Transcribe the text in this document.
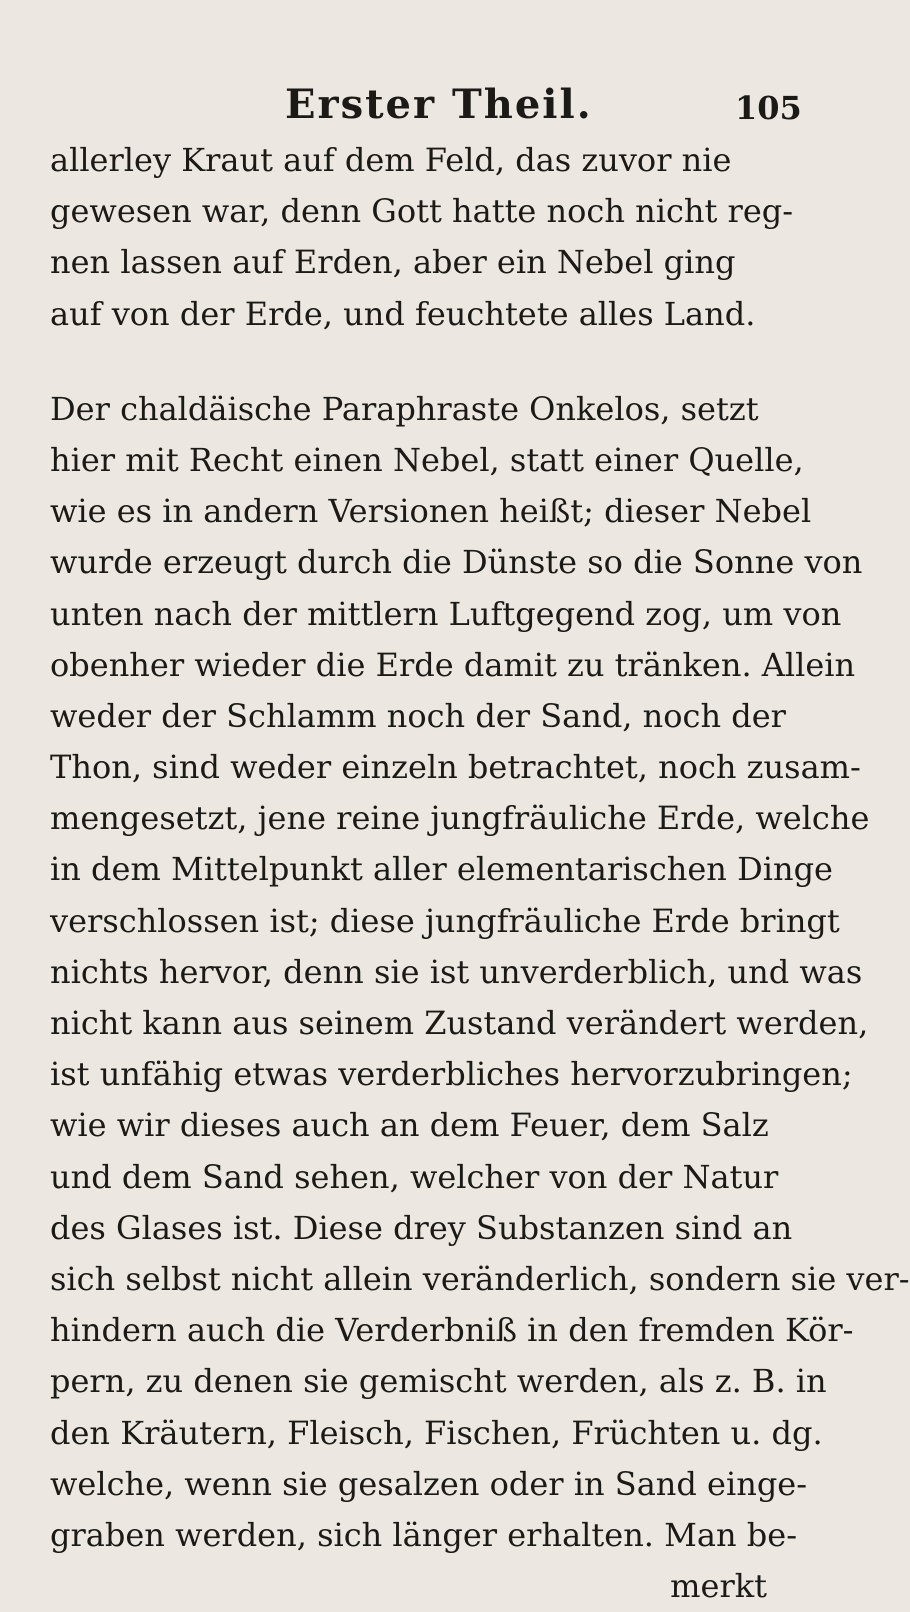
Erster Theil.	105
allerley Kraut auf dem Feld, das zuvor nie
gewesen war, denn Gott hatte noch nicht reg-
nen lassen auf Erden, aber ein Nebel ging
auf von der Erde, und feuchtete alles Land.
Der chaldäische Paraphraste Onkelos, setzt
hier mit Recht einen Nebel, statt einer Quelle,
wie es in andern Versionen heißt; dieser Nebel
wurde erzeugt durch die Dünste so die Sonne von
unten nach der mittlern Luftgegend zog, um von
obenher wieder die Erde damit zu tränken. Allein
weder der Schlamm noch der Sand, noch der
Thon, sind weder einzeln betrachtet, noch zusam-
mengesetzt, jene reine jungfräuliche Erde, welche
in dem Mittelpunkt aller elementarischen Dinge
verschlossen ist; diese jungfräuliche Erde bringt
nichts hervor, denn sie ist unverderblich, und was
nicht kann aus seinem Zustand verändert werden,
ist unfähig etwas verderbliches hervorzubringen;
wie wir dieses auch an dem Feuer, dem Salz
und dem Sand sehen, welcher von der Natur
des Glases ist. Diese drey Substanzen sind an
sich selbst nicht allein veränderlich, sondern sie ver-
hindern auch die Verderbniß in den fremden Kör-
pern, zu denen sie gemischt werden, als z. B. in
den Kräutern, Fleisch, Fischen, Früchten u. dg.
welche, wenn sie gesalzen oder in Sand einge-
graben werden, sich länger erhalten. Man be-
merkt
